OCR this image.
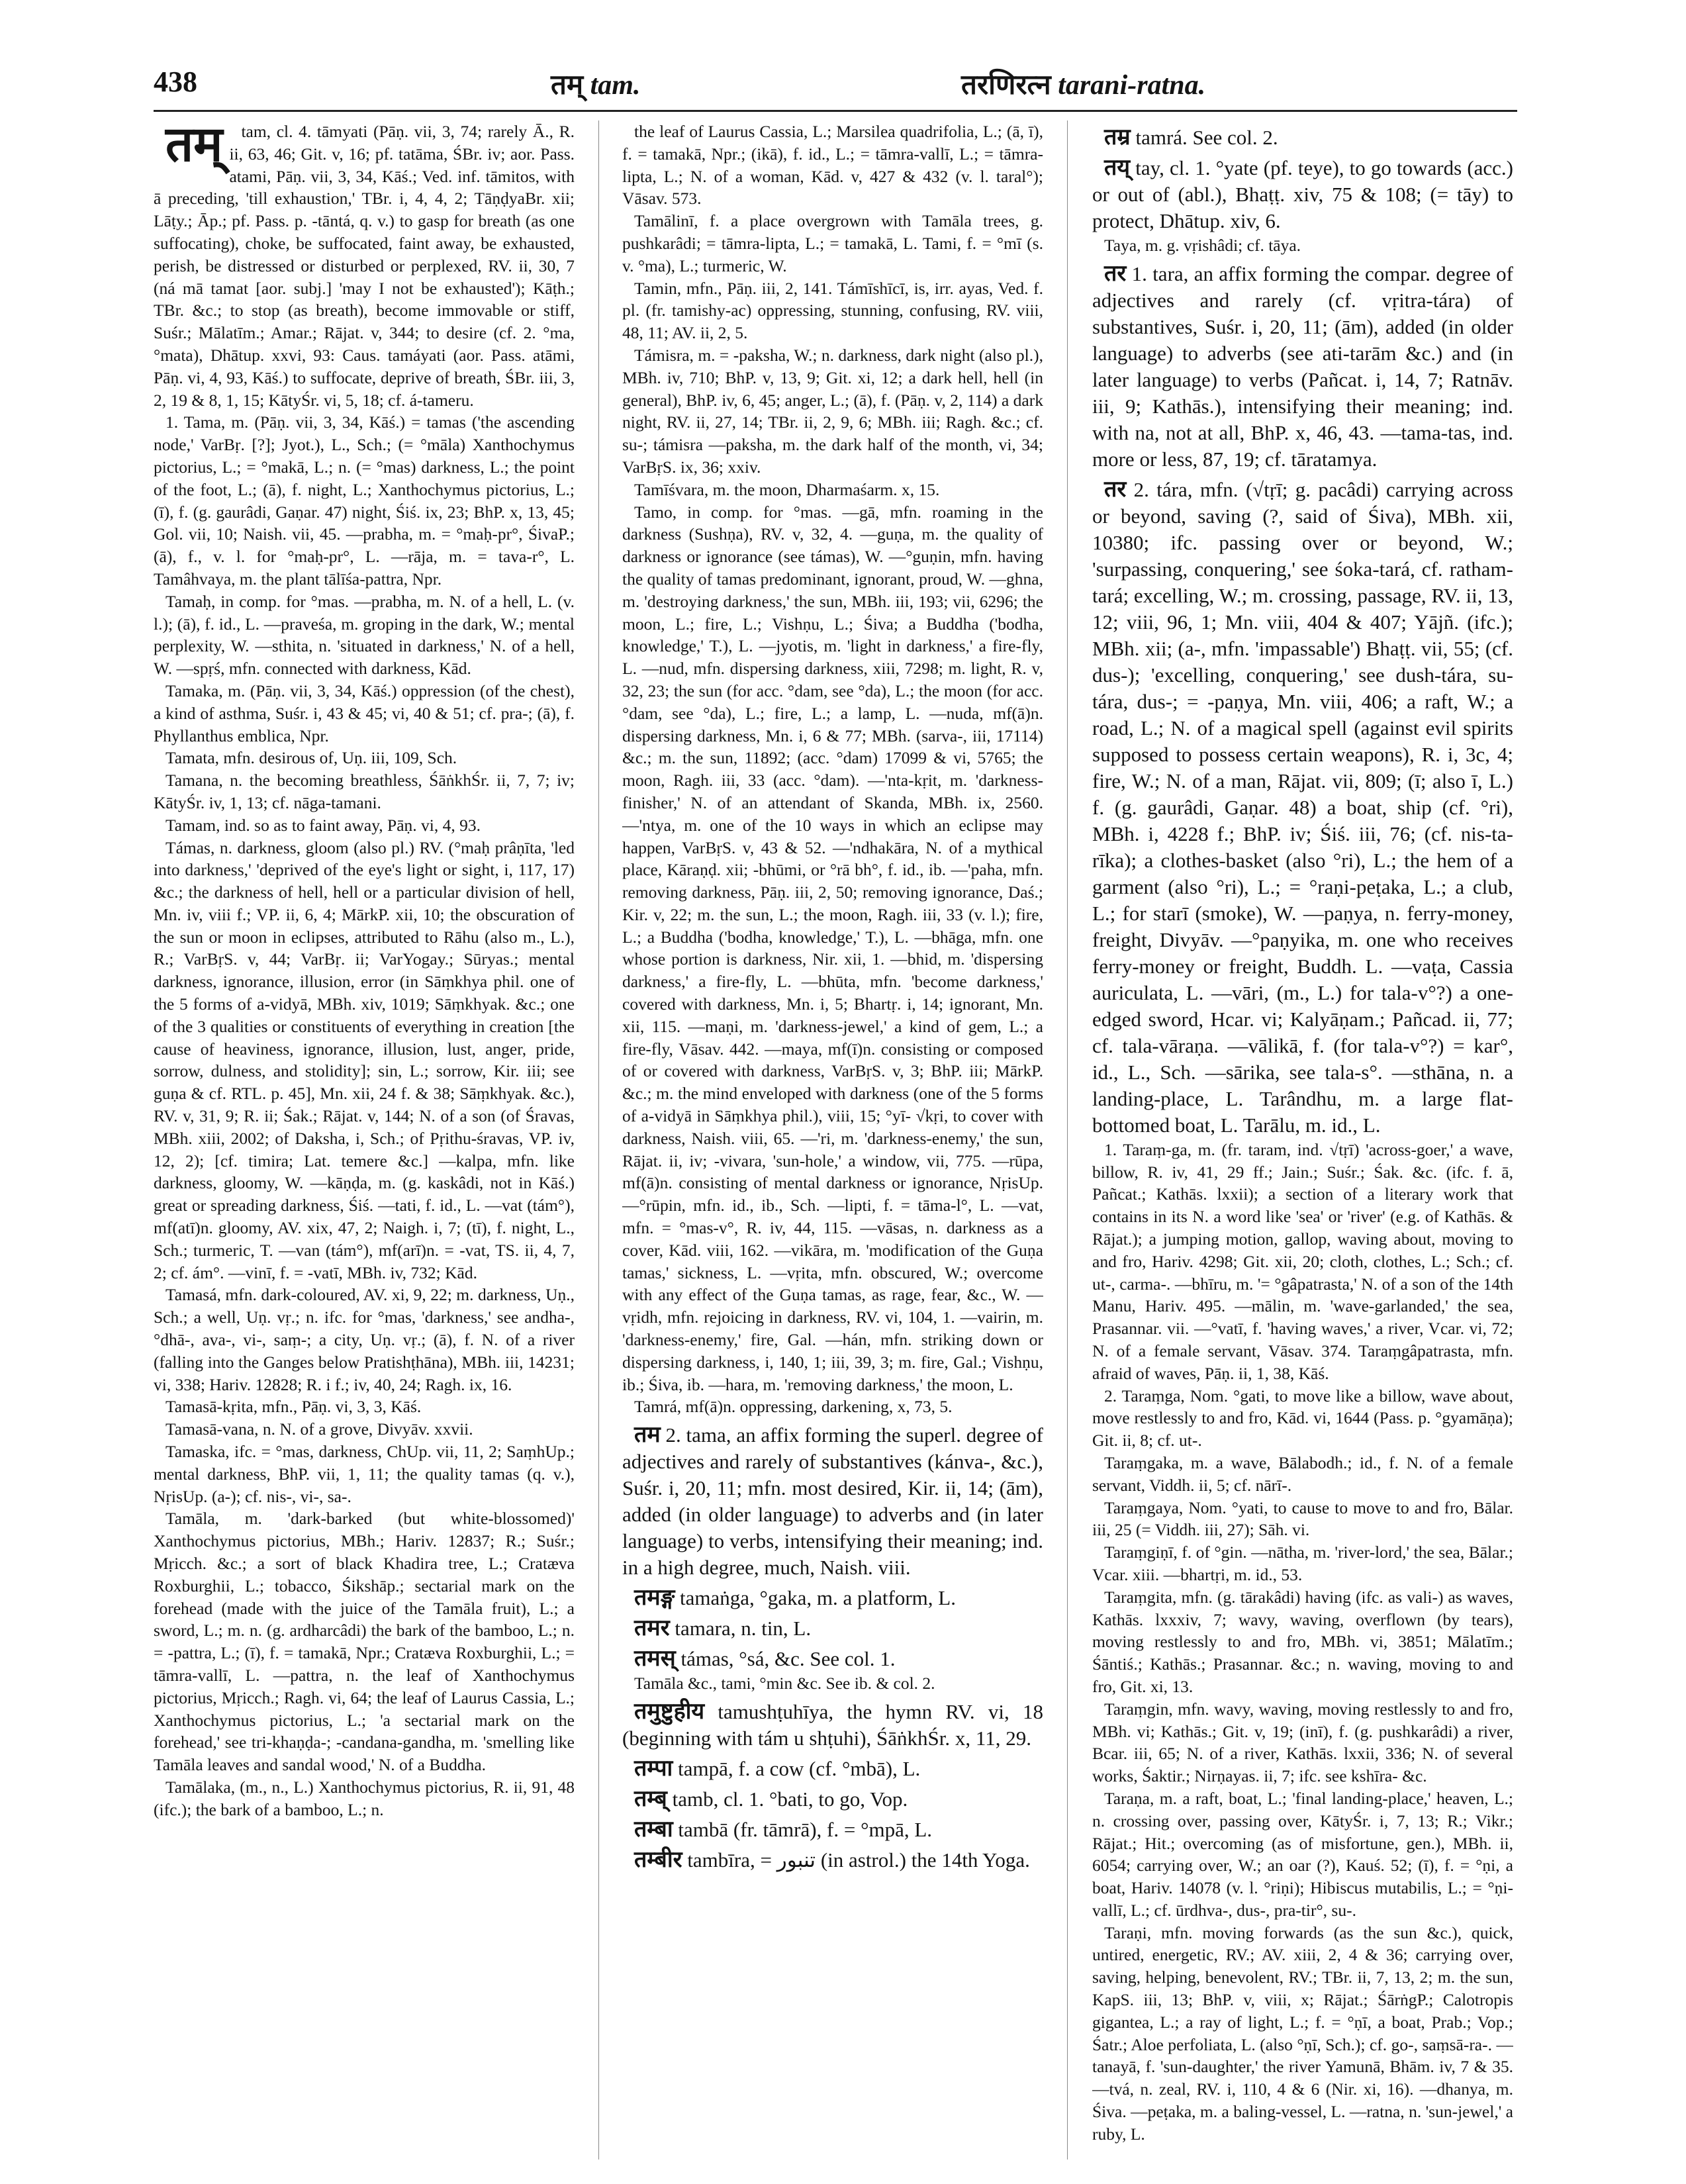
438	तम् tam.	तरणिरत्न tarani-ratna.

तम् tam, cl. 4. tāmyati (Pāṇ. vii, 3, 74; rarely Ā., R. ii, 63, 46; Git. v, 16; pf. tatāma, ŚBr. iv; aor. Pass. atami, Pāṇ. vii, 3, 34, Kāś.; Ved. inf. tāmitos, with ā preceding, 'till exhaustion,' TBr. i, 4, 4, 2; TāṇḍyaBr. xii; Lāṭy.; Āp.; pf. Pass. p. -tāntá, q. v.) to gasp for breath (as one suffocating), choke, be suffocated, faint away, be exhausted, perish, be distressed or disturbed or perplexed, RV. ii, 30, 7 (ná mā tamat [aor. subj.] 'may I not be exhausted'); Kāṭh.; TBr. &c.; to stop (as breath), become immovable or stiff, Suśr.; Mālatīm.; Amar.; Rājat. v, 344; to desire (cf. 2. °ma, °mata), Dhātup. xxvi, 93: Caus. tamáyati (aor. Pass. atāmi, Pāṇ. vi, 4, 93, Kāś.) to suffocate, deprive of breath, ŚBr. iii, 3, 2, 19 & 8, 1, 15; KātyŚr. vi, 5, 18; cf. á-tameru.

1. Tama, m. (Pāṇ. vii, 3, 34, Kāś.) = tamas ('the ascending node,' VarBṛ. [?]; Jyot.), L., Sch.; (= °māla) Xanthochymus pictorius, L.; = °makā, L.; n. (= °mas) darkness, L.; the point of the foot, L.; (ā), f. night, L.; Xanthochymus pictorius, L.; (ī), f. (g. gaurâdi, Gaṇar. 47) night, Śiś. ix, 23; BhP. x, 13, 45; Gol. vii, 10; Naish. vii, 45. —prabha, m. = °maḥ-pr°, ŚivaP.; (ā), f., v. l. for °maḥ-pr°, L. —rāja, m. = tava-r°, L. Tamâhvaya, m. the plant tālīśa-pattra, Npr.

Tamaḥ, in comp. for °mas. —prabha, m. N. of a hell, L. (v. l.); (ā), f. id., L. —praveśa, m. groping in the dark, W.; mental perplexity, W. —sthita, n. 'situated in darkness,' N. of a hell, W. —spṛś, mfn. connected with darkness, Kād.

Tamaka, m. (Pāṇ. vii, 3, 34, Kāś.) oppression (of the chest), a kind of asthma, Suśr. i, 43 & 45; vi, 40 & 51; cf. pra-; (ā), f. Phyllanthus emblica, Npr.

Tamata, mfn. desirous of, Uṇ. iii, 109, Sch.

Tamana, n. the becoming breathless, ŚāṅkhŚr. ii, 7, 7; iv; KātyŚr. iv, 1, 13; cf. nāga-tamani.

Tamam, ind. so as to faint away, Pāṇ. vi, 4, 93.

Támas, n. darkness, gloom (also pl.) RV. (°maḥ prâṇīta, 'led into darkness,' 'deprived of the eye's light or sight, i, 117, 17) &c.; the darkness of hell, hell or a particular division of hell, Mn. iv, viii f.; VP. ii, 6, 4; MārkP. xii, 10; the obscuration of the sun or moon in eclipses, attributed to Rāhu (also m., L.), R.; VarBṛS. v, 44; VarBṛ. ii; VarYogay.; Sūryas.; mental darkness, ignorance, illusion, error (in Sāṃkhya phil. one of the 5 forms of a-vidyā, MBh. xiv, 1019; Sāṃkhyak. &c.; one of the 3 qualities or constituents of everything in creation [the cause of heaviness, ignorance, illusion, lust, anger, pride, sorrow, dulness, and stolidity]; sin, L.; sorrow, Kir. iii; see guṇa & cf. RTL. p. 45], Mn. xii, 24 f. & 38; Sāṃkhyak. &c.), RV. v, 31, 9; R. ii; Śak.; Rājat. v, 144; N. of a son (of Śravas, MBh. xiii, 2002; of Daksha, i, Sch.; of Pṛithu-śravas, VP. iv, 12, 2); [cf. timira; Lat. temere &c.] —kalpa, mfn. like darkness, gloomy, W. —kāṇḍa, m. (g. kaskâdi, not in Kāś.) great or spreading darkness, Śiś. —tati, f. id., L. —vat (tám°), mf(atī)n. gloomy, AV. xix, 47, 2; Naigh. i, 7; (tī), f. night, L., Sch.; turmeric, T. —van (tám°), mf(arī)n. = -vat, TS. ii, 4, 7, 2; cf. ám°. —vinī, f. = -vatī, MBh. iv, 732; Kād.

Tamasá, mfn. dark-coloured, AV. xi, 9, 22; m. darkness, Uṇ., Sch.; a well, Uṇ. vṛ.; n. ifc. for °mas, 'darkness,' see andha-, °dhā-, ava-, vi-, saṃ-; a city, Uṇ. vṛ.; (ā), f. N. of a river (falling into the Ganges below Pratishṭhāna), MBh. iii, 14231; vi, 338; Hariv. 12828; R. i f.; iv, 40, 24; Ragh. ix, 16.

Tamasā-kṛita, mfn., Pāṇ. vi, 3, 3, Kāś.

Tamasā-vana, n. N. of a grove, Divyāv. xxvii.

Tamaska, ifc. = °mas, darkness, ChUp. vii, 11, 2; SaṃhUp.; mental darkness, BhP. vii, 1, 11; the quality tamas (q. v.), NṛisUp. (a-); cf. nis-, vi-, sa-.

Tamāla, m. 'dark-barked (but white-blossomed)' Xanthochymus pictorius, MBh.; Hariv. 12837; R.; Suśr.; Mṛicch. &c.; a sort of black Khadira tree, L.; Cratæva Roxburghii, L.; tobacco, Śikshāp.; sectarial mark on the forehead (made with the juice of the Tamāla fruit), L.; a sword, L.; m. n. (g. ardharcâdi) the bark of the bamboo, L.; n. = -pattra, L.; (ī), f. = tamakā, Npr.; Cratæva Roxburghii, L.; = tāmra-vallī, L. —pattra, n. the leaf of Xanthochymus pictorius, Mṛicch.; Ragh. vi, 64; the leaf of Laurus Cassia, L.; Xanthochymus pictorius, L.; 'a sectarial mark on the forehead,' see tri-khaṇḍa-; -candana-gandha, m. 'smelling like Tamāla leaves and sandal wood,' N. of a Buddha.

Tamālaka, (m., n., L.) Xanthochymus pictorius, R. ii, 91, 48 (ifc.); the bark of a bamboo, L.; n.

the leaf of Laurus Cassia, L.; Marsilea quadrifolia, L.; (ā, ī), f. = tamakā, Npr.; (ikā), f. id., L.; = tāmra-vallī, L.; = tāmra-lipta, L.; N. of a woman, Kād. v, 427 & 432 (v. l. taral°); Vāsav. 573.

Tamālinī, f. a place overgrown with Tamāla trees, g. pushkarâdi; = tāmra-lipta, L.; = tamakā, L. Tami, f. = °mī (s. v. °ma), L.; turmeric, W.

Tamin, mfn., Pāṇ. iii, 2, 141. Támīshīcī, is, irr. ayas, Ved. f. pl. (fr. tamishy-ac) oppressing, stunning, confusing, RV. viii, 48, 11; AV. ii, 2, 5.

Támisra, m. = -paksha, W.; n. darkness, dark night (also pl.), MBh. iv, 710; BhP. v, 13, 9; Git. xi, 12; a dark hell, hell (in general), BhP. iv, 6, 45; anger, L.; (ā), f. (Pāṇ. v, 2, 114) a dark night, RV. ii, 27, 14; TBr. ii, 2, 9, 6; MBh. iii; Ragh. &c.; cf. su-; támisra —paksha, m. the dark half of the month, vi, 34; VarBṛS. ix, 36; xxiv.

Tamīśvara, m. the moon, Dharmaśarm. x, 15.

Tamo, in comp. for °mas. —gā, mfn. roaming in the darkness (Sushṇa), RV. v, 32, 4. —guṇa, m. the quality of darkness or ignorance (see támas), W. —°guṇin, mfn. having the quality of tamas predominant, ignorant, proud, W. —ghna, m. 'destroying darkness,' the sun, MBh. iii, 193; vii, 6296; the moon, L.; fire, L.; Vishṇu, L.; Śiva; a Buddha ('bodha, knowledge,' T.), L. —jyotis, m. 'light in darkness,' a fire-fly, L. —nud, mfn. dispersing darkness, xiii, 7298; m. light, R. v, 32, 23; the sun (for acc. °dam, see °da), L.; the moon (for acc. °dam, see °da), L.; fire, L.; a lamp, L. —nuda, mf(ā)n. dispersing darkness, Mn. i, 6 & 77; MBh. (sarva-, iii, 17114) &c.; m. the sun, 11892; (acc. °dam) 17099 & vi, 5765; the moon, Ragh. iii, 33 (acc. °dam). —'nta-kṛit, m. 'darkness-finisher,' N. of an attendant of Skanda, MBh. ix, 2560. —'ntya, m. one of the 10 ways in which an eclipse may happen, VarBṛS. v, 43 & 52. —'ndhakāra, N. of a mythical place, Kāraṇḍ. xii; -bhūmi, or °rā bh°, f. id., ib. —'paha, mfn. removing darkness, Pāṇ. iii, 2, 50; removing ignorance, Daś.; Kir. v, 22; m. the sun, L.; the moon, Ragh. iii, 33 (v. l.); fire, L.; a Buddha ('bodha, knowledge,' T.), L. —bhāga, mfn. one whose portion is darkness, Nir. xii, 1. —bhid, m. 'dispersing darkness,' a fire-fly, L. —bhūta, mfn. 'become darkness,' covered with darkness, Mn. i, 5; Bhartṛ. i, 14; ignorant, Mn. xii, 115. —maṇi, m. 'darkness-jewel,' a kind of gem, L.; a fire-fly, Vāsav. 442. —maya, mf(ī)n. consisting or composed of or covered with darkness, VarBṛS. v, 3; BhP. iii; MārkP. &c.; m. the mind enveloped with darkness (one of the 5 forms of a-vidyā in Sāṃkhya phil.), viii, 15; °yī- √kṛi, to cover with darkness, Naish. viii, 65. —'ri, m. 'darkness-enemy,' the sun, Rājat. ii, iv; -vivara, 'sun-hole,' a window, vii, 775. —rūpa, mf(ā)n. consisting of mental darkness or ignorance, NṛisUp. —°rūpin, mfn. id., ib., Sch. —lipti, f. = tāma-l°, L. —vat, mfn. = °mas-v°, R. iv, 44, 115. —vāsas, n. darkness as a cover, Kād. viii, 162. —vikāra, m. 'modification of the Guṇa tamas,' sickness, L. —vṛita, mfn. obscured, W.; overcome with any effect of the Guṇa tamas, as rage, fear, &c., W. —vṛidh, mfn. rejoicing in darkness, RV. vi, 104, 1. —vairin, m. 'darkness-enemy,' fire, Gal. —hán, mfn. striking down or dispersing darkness, i, 140, 1; iii, 39, 3; m. fire, Gal.; Vishṇu, ib.; Śiva, ib. —hara, m. 'removing darkness,' the moon, L.

Tamrá, mf(ā)n. oppressing, darkening, x, 73, 5.

तम 2. tama, an affix forming the superl. degree of adjectives and rarely of substantives (kánva-, &c.), Suśr. i, 20, 11; mfn. most desired, Kir. ii, 14; (ām), added (in older language) to adverbs and (in later language) to verbs, intensifying their meaning; ind. in a high degree, much, Naish. viii.

तमङ्ग tamaṅga, °gaka, m. a platform, L.

तमर tamara, n. tin, L.

तमस् támas, °sá, &c. See col. 1.

Tamāla &c., tami, °min &c. See ib. & col. 2.

तमुष्टुहीय tamushṭuhīya, the hymn RV. vi, 18 (beginning with tám u shṭuhi), ŚāṅkhŚr. x, 11, 29.

तम्पा tampā, f. a cow (cf. °mbā), L.

तम्ब् tamb, cl. 1. °bati, to go, Vop.

तम्बा tambā (fr. tāmrā), f. = °mpā, L.

तम्बीर tambīra, = تنبور (in astrol.) the 14th Yoga.

तम्र tamrá. See col. 2.

तय् tay, cl. 1. °yate (pf. teye), to go towards (acc.) or out of (abl.), Bhaṭṭ. xiv, 75 & 108; (= tāy) to protect, Dhātup. xiv, 6.

Taya, m. g. vṛishâdi; cf. tāya.

तर 1. tara, an affix forming the compar. degree of adjectives and rarely (cf. vṛitra-tára) of substantives, Suśr. i, 20, 11; (ām), added (in older language) to adverbs (see ati-tarām &c.) and (in later language) to verbs (Pañcat. i, 14, 7; Ratnāv. iii, 9; Kathās.), intensifying their meaning; ind. with na, not at all, BhP. x, 46, 43. —tama-tas, ind. more or less, 87, 19; cf. tāratamya.

तर 2. tára, mfn. (√tṛī; g. pacâdi) carrying across or beyond, saving (?, said of Śiva), MBh. xii, 10380; ifc. passing over or beyond, W.; 'surpassing, conquering,' see śoka-tará, cf. ratham-tará; excelling, W.; m. crossing, passage, RV. ii, 13, 12; viii, 96, 1; Mn. viii, 404 & 407; Yājñ. (ifc.); MBh. xii; (a-, mfn. 'impassable') Bhaṭṭ. vii, 55; (cf. dus-); 'excelling, conquering,' see dush-tára, su-tára, dus-; = -paṇya, Mn. viii, 406; a raft, W.; a road, L.; N. of a magical spell (against evil spirits supposed to possess certain weapons), R. i, 3c, 4; fire, W.; N. of a man, Rājat. vii, 809; (ī; also ī, L.) f. (g. gaurâdi, Gaṇar. 48) a boat, ship (cf. °ri), MBh. i, 4228 f.; BhP. iv; Śiś. iii, 76; (cf. nis-ta-rīka); a clothes-basket (also °ri), L.; the hem of a garment (also °ri), L.; = °raṇi-peṭaka, L.; a club, L.; for starī (smoke), W. —paṇya, n. ferry-money, freight, Divyāv. —°paṇyika, m. one who receives ferry-money or freight, Buddh. L. —vaṭa, Cassia auriculata, L. —vāri, (m., L.) for tala-v°?) a one-edged sword, Hcar. vi; Kalyāṇam.; Pañcad. ii, 77; cf. tala-vāraṇa. —vālikā, f. (for tala-v°?) = kar°, id., L., Sch. —sārika, see tala-s°. —sthāna, n. a landing-place, L. Tarândhu, m. a large flat-bottomed boat, L. Tarālu, m. id., L.

1. Taraṃ-ga, m. (fr. taram, ind. √tṛī) 'across-goer,' a wave, billow, R. iv, 41, 29 ff.; Jain.; Suśr.; Śak. &c. (ifc. f. ā, Pañcat.; Kathās. lxxii); a section of a literary work that contains in its N. a word like 'sea' or 'river' (e.g. of Kathās. & Rājat.); a jumping motion, gallop, waving about, moving to and fro, Hariv. 4298; Git. xii, 20; cloth, clothes, L.; Sch.; cf. ut-, carma-. —bhīru, m. '= °gâpatrasta,' N. of a son of the 14th Manu, Hariv. 495. —mālin, m. 'wave-garlanded,' the sea, Prasannar. vii. —°vatī, f. 'having waves,' a river, Vcar. vi, 72; N. of a female servant, Vāsav. 374. Taraṃgâpatrasta, mfn. afraid of waves, Pāṇ. ii, 1, 38, Kāś.

2. Taraṃga, Nom. °gati, to move like a billow, wave about, move restlessly to and fro, Kād. vi, 1644 (Pass. p. °gyamāṇa); Git. ii, 8; cf. ut-.

Taraṃgaka, m. a wave, Bālabodh.; id., f. N. of a female servant, Viddh. ii, 5; cf. nārī-.

Taraṃgaya, Nom. °yati, to cause to move to and fro, Bālar. iii, 25 (= Viddh. iii, 27); Sāh. vi.

Taraṃgiṇī, f. of °gin. —nātha, m. 'river-lord,' the sea, Bālar.; Vcar. xiii. —bhartṛi, m. id., 53.

Taraṃgita, mfn. (g. tārakâdi) having (ifc. as vali-) as waves, Kathās. lxxxiv, 7; wavy, waving, overflown (by tears), moving restlessly to and fro, MBh. vi, 3851; Mālatīm.; Śāntiś.; Kathās.; Prasannar. &c.; n. waving, moving to and fro, Git. xi, 13.

Taraṃgin, mfn. wavy, waving, moving restlessly to and fro, MBh. vi; Kathās.; Git. v, 19; (inī), f. (g. pushkarâdi) a river, Bcar. iii, 65; N. of a river, Kathās. lxxii, 336; N. of several works, Śaktir.; Nirṇayas. ii, 7; ifc. see kshīra- &c.

Taraṇa, m. a raft, boat, L.; 'final landing-place,' heaven, L.; n. crossing over, passing over, KātyŚr. i, 7, 13; R.; Vikr.; Rājat.; Hit.; overcoming (as of misfortune, gen.), MBh. ii, 6054; carrying over, W.; an oar (?), Kauś. 52; (ī), f. = °ṇi, a boat, Hariv. 14078 (v. l. °riṇi); Hibiscus mutabilis, L.; = °ṇi-vallī, L.; cf. ūrdhva-, dus-, pra-tir°, su-.

Taraṇi, mfn. moving forwards (as the sun &c.), quick, untired, energetic, RV.; AV. xiii, 2, 4 & 36; carrying over, saving, helping, benevolent, RV.; TBr. ii, 7, 13, 2; m. the sun, KapS. iii, 13; BhP. v, viii, x; Rājat.; ŚārṅgP.; Calotropis gigantea, L.; a ray of light, L.; f. = °ṇī, a boat, Prab.; Vop.; Śatr.; Aloe perfoliata, L. (also °ṇī, Sch.); cf. go-, saṃsā-ra-. —tanayā, f. 'sun-daughter,' the river Yamunā, Bhām. iv, 7 & 35. —tvá, n. zeal, RV. i, 110, 4 & 6 (Nir. xi, 16). —dhanya, m. Śiva. —peṭaka, m. a baling-vessel, L. —ratna, n. 'sun-jewel,' a ruby, L.
